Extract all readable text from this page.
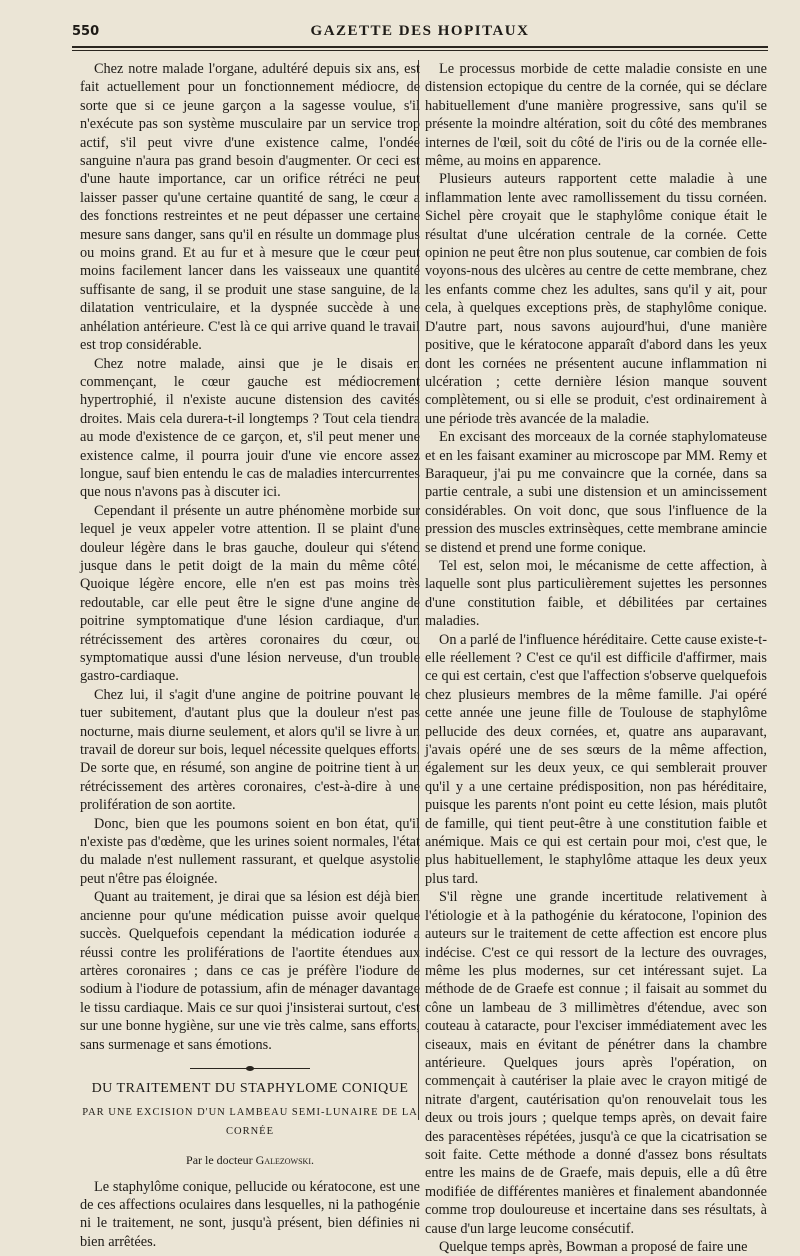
550	GAZETTE DES HOPITAUX

Chez notre malade l'organe, adultéré depuis six ans, est fait actuellement pour un fonctionnement médiocre, de sorte que si ce jeune garçon a la sagesse voulue, s'il n'exécute pas son système musculaire par un service trop actif, s'il peut vivre d'une existence calme, l'ondée sanguine n'aura pas grand besoin d'augmenter. Or ceci est d'une haute importance, car un orifice rétréci ne peut laisser passer qu'une certaine quantité de sang, le cœur a des fonctions restreintes et ne peut dépasser une certaine mesure sans danger, sans qu'il en résulte un dommage plus ou moins grand. Et au fur et à mesure que le cœur peut moins facilement lancer dans les vaisseaux une quantité suffisante de sang, il se produit une stase sanguine, de la dilatation ventriculaire, et la dyspnée succède à une anhélation antérieure. C'est là ce qui arrive quand le travail est trop considérable.

Chez notre malade, ainsi que je le disais en commençant, le cœur gauche est médiocrement hypertrophié, il n'existe aucune distension des cavités droites. Mais cela durera-t-il longtemps ? Tout cela tiendra au mode d'existence de ce garçon, et, s'il peut mener une existence calme, il pourra jouir d'une vie encore assez longue, sauf bien entendu le cas de maladies intercurrentes que nous n'avons pas à discuter ici.

Cependant il présente un autre phénomène morbide sur lequel je veux appeler votre attention. Il se plaint d'une douleur légère dans le bras gauche, douleur qui s'étend jusque dans le petit doigt de la main du même côté. Quoique légère encore, elle n'en est pas moins très redoutable, car elle peut être le signe d'une angine de poitrine symptomatique d'une lésion cardiaque, d'un rétrécissement des artères coronaires du cœur, ou symptomatique aussi d'une lésion nerveuse, d'un trouble gastro-cardiaque.

Chez lui, il s'agit d'une angine de poitrine pouvant le tuer subitement, d'autant plus que la douleur n'est pas nocturne, mais diurne seulement, et alors qu'il se livre à un travail de doreur sur bois, lequel nécessite quelques efforts. De sorte que, en résumé, son angine de poitrine tient à un rétrécissement des artères coronaires, c'est-à-dire à une prolifération de son aortite.

Donc, bien que les poumons soient en bon état, qu'il n'existe pas d'œdème, que les urines soient normales, l'état du malade n'est nullement rassurant, et quelque asystolie peut n'être pas éloignée.

Quant au traitement, je dirai que sa lésion est déjà bien ancienne pour qu'une médication puisse avoir quelque succès. Quelquefois cependant la médication iodurée a réussi contre les proliférations de l'aortite étendues aux artères coronaires ; dans ce cas je préfère l'iodure de sodium à l'iodure de potassium, afin de ménager davantage le tissu cardiaque. Mais ce sur quoi j'insisterai surtout, c'est sur une bonne hygiène, sur une vie très calme, sans efforts, sans surmenage et sans émotions.

DU TRAITEMENT DU STAPHYLOME CONIQUE
PAR UNE EXCISION D'UN LAMBEAU SEMI-LUNAIRE DE LA CORNÉE
Par le docteur Galezowski.

Le staphylôme conique, pellucide ou kératocone, est une de ces affections oculaires dans lesquelles, ni la pathogénie ni le traitement, ne sont, jusqu'à présent, bien définies ni bien arrêtées.

Le processus morbide de cette maladie consiste en une distension ectopique du centre de la cornée, qui se déclare habituellement d'une manière progressive, sans qu'il se présente la moindre altération, soit du côté des membranes internes de l'œil, soit du côté de l'iris ou de la cornée elle-même, au moins en apparence.

Plusieurs auteurs rapportent cette maladie à une inflammation lente avec ramollissement du tissu cornéen. Sichel père croyait que le staphylôme conique était le résultat d'une ulcération centrale de la cornée. Cette opinion ne peut être non plus soutenue, car combien de fois voyons-nous des ulcères au centre de cette membrane, chez les enfants comme chez les adultes, sans qu'il y ait, pour cela, à quelques exceptions près, de staphylôme conique. D'autre part, nous savons aujourd'hui, d'une manière positive, que le kératocone apparaît d'abord dans les yeux dont les cornées ne présentent aucune inflammation ni ulcération ; cette dernière lésion manque souvent complètement, ou si elle se produit, c'est ordinairement à une période très avancée de la maladie.

En excisant des morceaux de la cornée staphylomateuse et en les faisant examiner au microscope par MM. Remy et Baraqueur, j'ai pu me convaincre que la cornée, dans sa partie centrale, a subi une distension et un amincissement considérables. On voit donc, que sous l'influence de la pression des muscles extrinsèques, cette membrane amincie se distend et prend une forme conique.

Tel est, selon moi, le mécanisme de cette affection, à laquelle sont plus particulièrement sujettes les personnes d'une constitution faible, et débilitées par certaines maladies.

On a parlé de l'influence héréditaire. Cette cause existe-t-elle réellement ? C'est ce qu'il est difficile d'affirmer, mais ce qui est certain, c'est que l'affection s'observe quelquefois chez plusieurs membres de la même famille. J'ai opéré cette année une jeune fille de Toulouse de staphylôme pellucide des deux cornées, et, quatre ans auparavant, j'avais opéré une de ses sœurs de la même affection, également sur les deux yeux, ce qui semblerait prouver qu'il y a une certaine prédisposition, non pas héréditaire, puisque les parents n'ont point eu cette lésion, mais plutôt de famille, qui tient peut-être à une constitution faible et anémique. Mais ce qui est certain pour moi, c'est que, le plus habituellement, le staphylôme attaque les deux yeux plus tard.

S'il règne une grande incertitude relativement à l'étiologie et à la pathogénie du kératocone, l'opinion des auteurs sur le traitement de cette affection est encore plus indécise. C'est ce qui ressort de la lecture des ouvrages, même les plus modernes, sur cet intéressant sujet. La méthode de de Graefe est connue ; il faisait au sommet du cône un lambeau de 3 millimètres d'étendue, avec son couteau à cataracte, pour l'exciser immédiatement avec les ciseaux, mais en évitant de pénétrer dans la chambre antérieure. Quelques jours après l'opération, on commençait à cautériser la plaie avec le crayon mitigé de nitrate d'argent, cautérisation qu'on renouvelait tous les deux ou trois jours ; quelque temps après, on devait faire des paracentèses répétées, jusqu'à ce que la cicatrisation se soit faite. Cette méthode a donné d'assez bons résultats entre les mains de de Graefe, mais depuis, elle a dû être modifiée de différentes manières et finalement abandonnée comme trop douloureuse et incertaine dans ses résultats, à cause d'un large leucome consécutif.

Quelque temps après, Bowman a proposé de faire une
